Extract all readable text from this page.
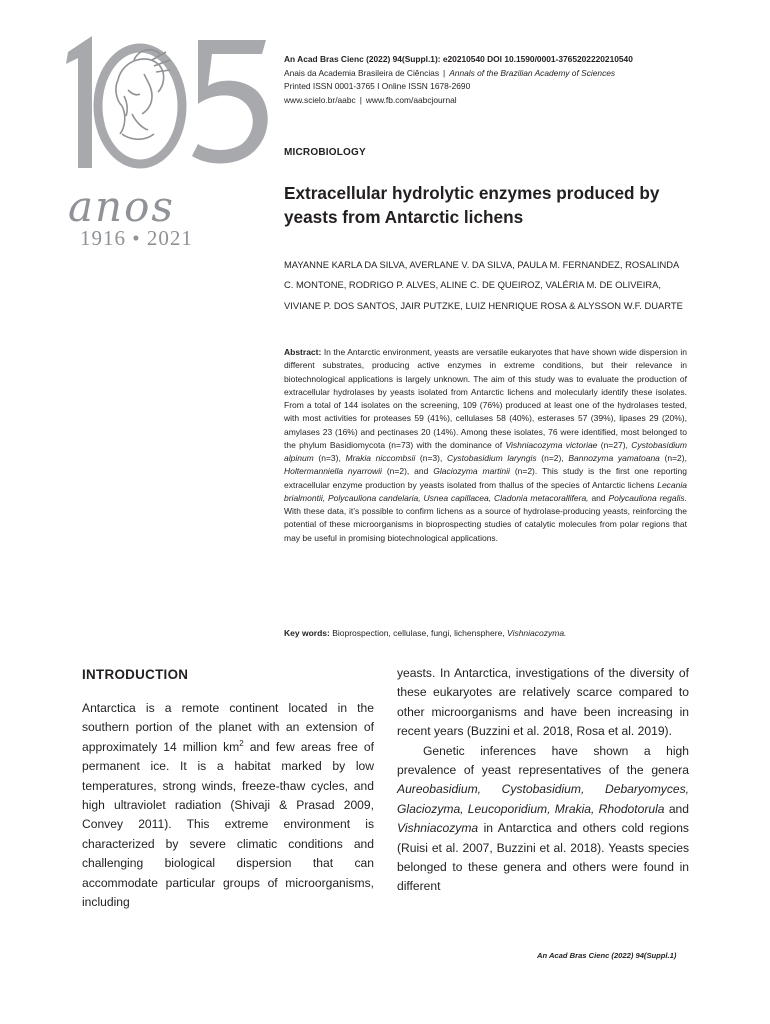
anos
1916 • 2021
An Acad Bras Cienc (2022) 94(Suppl.1): e20210540 DOI 10.1590/0001-3765202220210540
Anais da Academia Brasileira de Ciências | Annals of the Brazilian Academy of Sciences
Printed ISSN 0001-3765 I Online ISSN 1678-2690
www.scielo.br/aabc | www.fb.com/aabcjournal
MICROBIOLOGY
Extracellular hydrolytic enzymes produced by yeasts from Antarctic lichens
MAYANNE KARLA DA SILVA, AVERLANE V. DA SILVA, PAULA M. FERNANDEZ, ROSALINDA C. MONTONE, RODRIGO P. ALVES, ALINE C. DE QUEIROZ, VALÉRIA M. DE OLIVEIRA, VIVIANE P. DOS SANTOS, JAIR PUTZKE, LUIZ HENRIQUE ROSA & ALYSSON W.F. DUARTE
Abstract: In the Antarctic environment, yeasts are versatile eukaryotes that have shown wide dispersion in different substrates, producing active enzymes in extreme conditions, but their relevance in biotechnological applications is largely unknown. The aim of this study was to evaluate the production of extracellular hydrolases by yeasts isolated from Antarctic lichens and molecularly identify these isolates. From a total of 144 isolates on the screening, 109 (76%) produced at least one of the hydrolases tested, with most activities for proteases 59 (41%), cellulases 58 (40%), esterases 57 (39%), lipases 29 (20%), amylases 23 (16%) and pectinases 20 (14%). Among these isolates, 76 were identified, most belonged to the phylum Basidiomycota (n=73) with the dominance of Vishniacozyma victoriae (n=27), Cystobasidium alpinum (n=3), Mrakia niccombsii (n=3), Cystobasidium laryngis (n=2), Bannozyma yamatoana (n=2), Holtermanniella nyarrowii (n=2), and Glaciozyma martinii (n=2). This study is the first one reporting extracellular enzyme production by yeasts isolated from thallus of the species of Antarctic lichens Lecania brialmontii, Polycauliona candelaria, Usnea capillacea, Cladonia metacorallifera, and Polycauliona regalis. With these data, it’s possible to confirm lichens as a source of hydrolase-producing yeasts, reinforcing the potential of these microorganisms in bioprospecting studies of catalytic molecules from polar regions that may be useful in promising biotechnological applications.
Key words: Bioprospection, cellulase, fungi, lichensphere, Vishniacozyma.
INTRODUCTION

Antarctica is a remote continent located in the southern portion of the planet with an extension of approximately 14 million $km^2$ and few areas free of permanent ice. It is a habitat marked by low temperatures, strong winds, freeze-thaw cycles, and high ultraviolet radiation (Shivaji & Prasad 2009, Convey 2011). This extreme environment is characterized by severe climatic conditions and challenging biological dispersion that can accommodate particular groups of microorganisms, including

yeasts. In Antarctica, investigations of the diversity of these eukaryotes are relatively scarce compared to other microorganisms and have been increasing in recent years (Buzzini et al. 2018, Rosa et al. 2019).

Genetic inferences have shown a high prevalence of yeast representatives of the genera Aureobasidium, Cystobasidium, Debaryomyces, Glaciozyma, Leucoporidium, Mrakia, Rhodotorula and Vishniacozyma in Antarctica and others cold regions (Ruisi et al. 2007, Buzzini et al. 2018). Yeasts species belonged to these genera and others were found in different

An Acad Bras Cienc (2022) 94(Suppl.1)
